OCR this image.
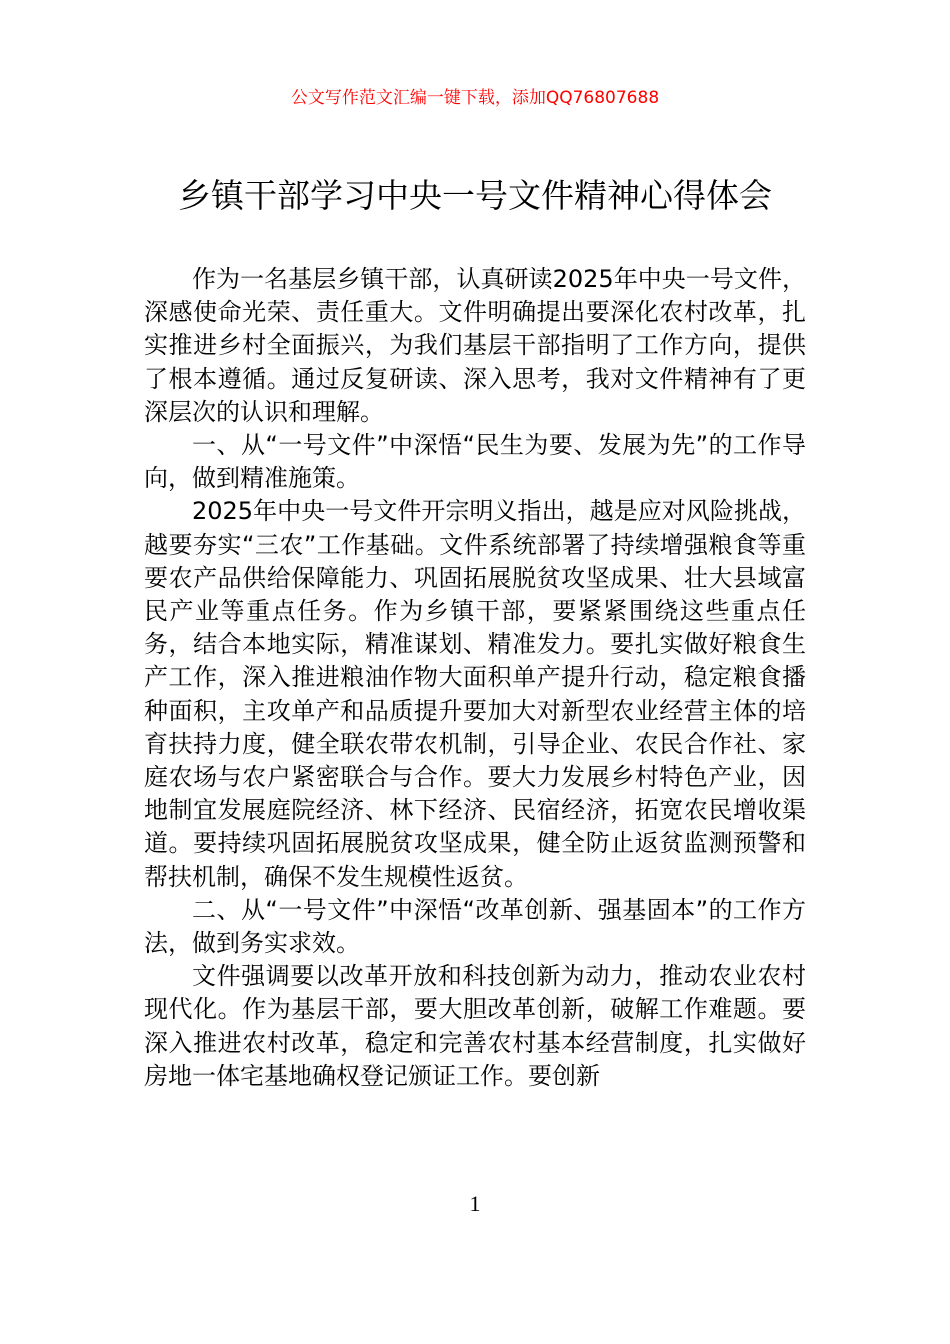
公文写作范文汇编一键下载，添加QQ76807688
乡镇干部学习中央一号文件精神心得体会

作为一名基层乡镇干部，认真研读2025年中央一号文件，深感使命光荣、责任重大。文件明确提出要深化农村改革，扎实推进乡村全面振兴，为我们基层干部指明了工作方向，提供了根本遵循。通过反复研读、深入思考，我对文件精神有了更深层次的认识和理解。

一、从“一号文件”中深悟“民生为要、发展为先”的工作导向，做到精准施策。

2025年中央一号文件开宗明义指出，越是应对风险挑战，越要夯实“三农”工作基础。文件系统部署了持续增强粮食等重要农产品供给保障能力、巩固拓展脱贫攻坚成果、壮大县域富民产业等重点任务。作为乡镇干部，要紧紧围绕这些重点任务，结合本地实际，精准谋划、精准发力。要扎实做好粮食生产工作，深入推进粮油作物大面积单产提升行动，稳定粮食播种面积，主攻单产和品质提升要加大对新型农业经营主体的培育扶持力度，健全联农带农机制，引导企业、农民合作社、家庭农场与农户紧密联合与合作。要大力发展乡村特色产业，因地制宜发展庭院经济、林下经济、民宿经济，拓宽农民增收渠道。要持续巩固拓展脱贫攻坚成果，健全防止返贫监测预警和帮扶机制，确保不发生规模性返贫。

二、从“一号文件”中深悟“改革创新、强基固本”的工作方法，做到务实求效。

文件强调要以改革开放和科技创新为动力，推动农业农村现代化。作为基层干部，要大胆改革创新，破解工作难题。要深入推进农村改革，稳定和完善农村基本经营制度，扎实做好房地一体宅基地确权登记颁证工作。要创新

1
